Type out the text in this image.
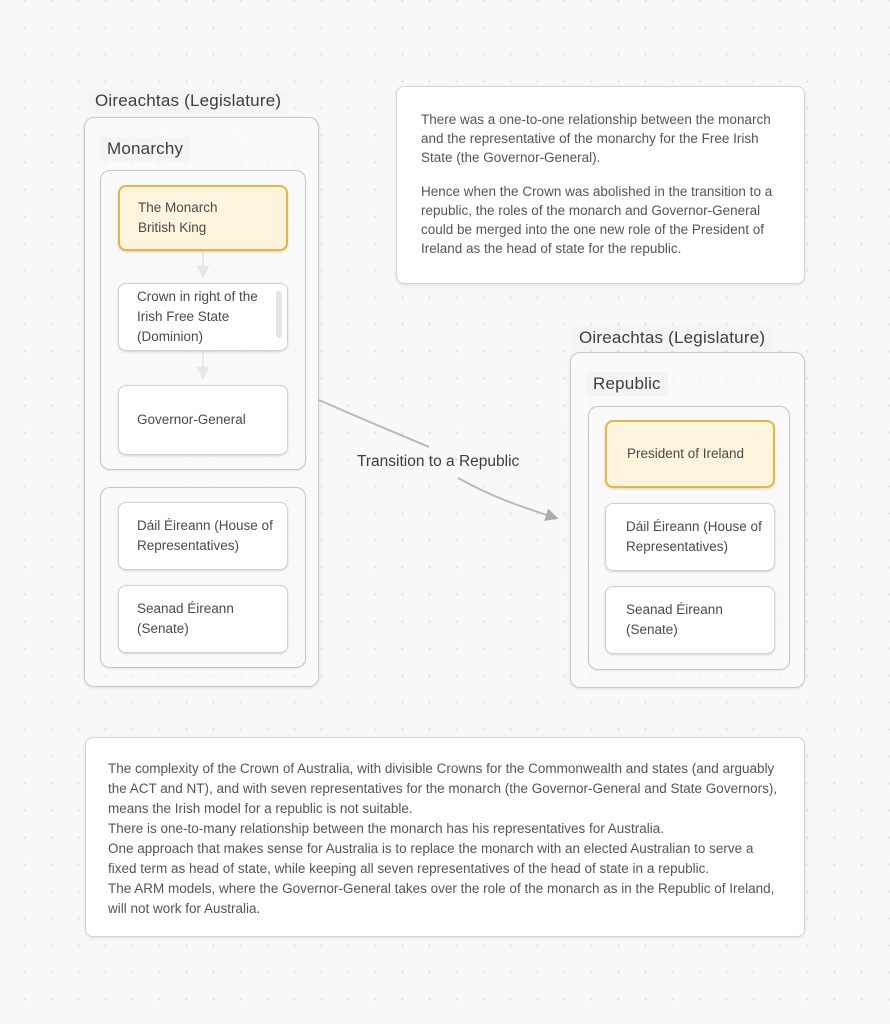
Oireachtas (Legislature)
Monarchy
The Monarch
British King
Crown in right of the Irish Free State (Dominion)
Governor-General
Dáil Éireann (House of Representatives)
Seanad Éireann (Senate)
Transition to a Republic
Oireachtas (Legislature)
Republic
President of Ireland
Dáil Éireann (House of Representatives)
Seanad Éireann (Senate)

There was a one-to-one relationship between the monarch and the representative of the monarchy for the Free Irish State (the Governor-General).

Hence when the Crown was abolished in the transition to a republic, the roles of the monarch and Governor-General could be merged into the one new role of the President of Ireland as the head of state for the republic.

The complexity of the Crown of Australia, with divisible Crowns for the Commonwealth and states (and arguably the ACT and NT), and with seven representatives for the monarch (the Governor-General and State Governors), means the Irish model for a republic is not suitable.

There is one-to-many relationship between the monarch has his representatives for Australia.

One approach that makes sense for Australia is to replace the monarch with an elected Australian to serve a fixed term as head of state, while keeping all seven representatives of the head of state in a republic.

The ARM models, where the Governor-General takes over the role of the monarch as in the Republic of Ireland, will not work for Australia.
